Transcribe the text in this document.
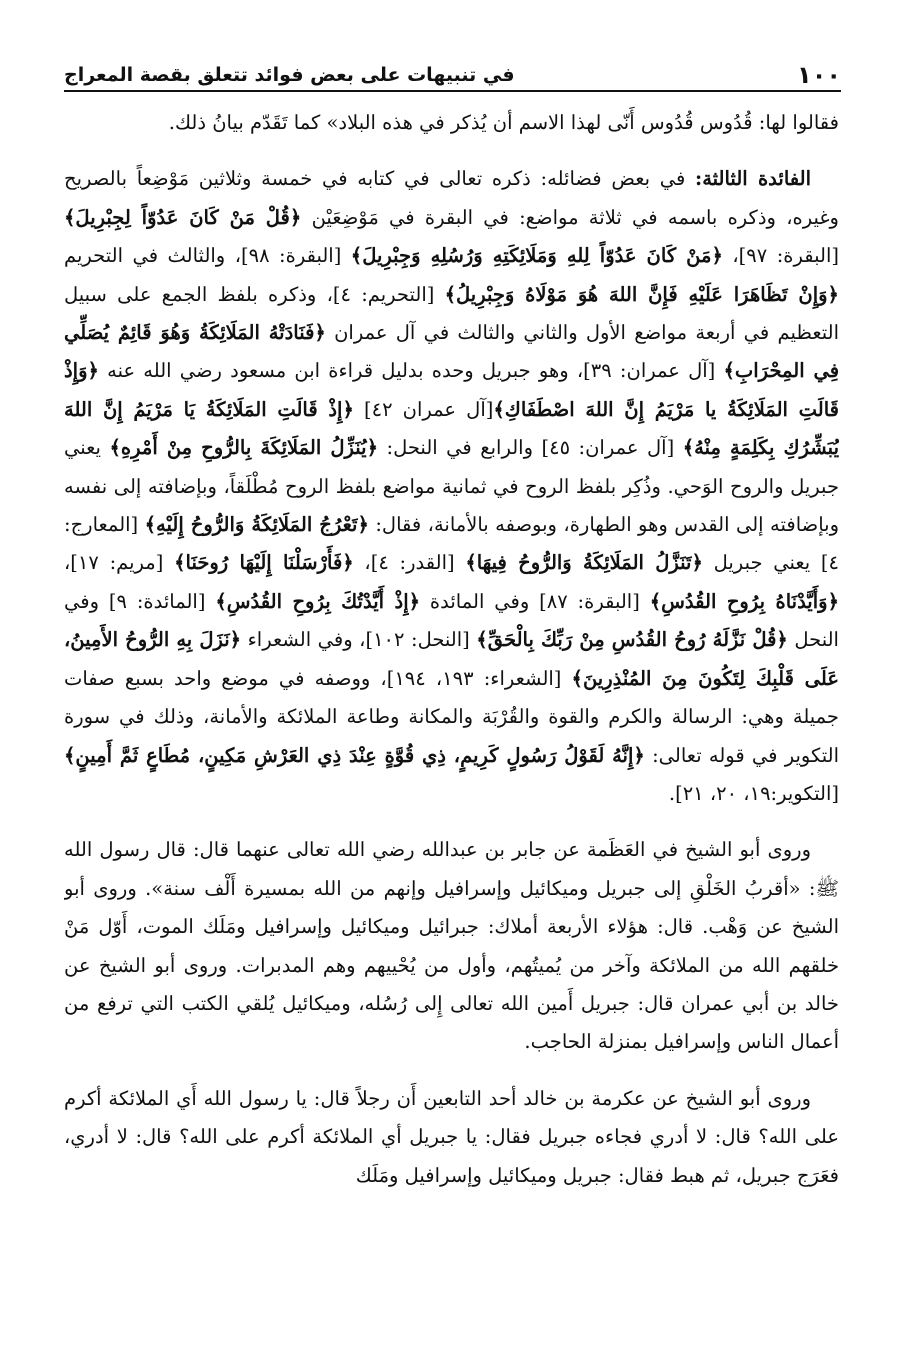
١٠٠
في تنبيهات على بعض فوائد تتعلق بقصة المعراج

فقالوا لها: قُدُوس قُدُوس أَنّى لهذا الاسم أن يُذكر في هذه البلاد» كما تَقَدّم بيانُ ذلك.

الفائدة الثالثة: في بعض فضائله: ذكره تعالى في كتابه في خمسة وثلاثين مَوْضِعاً بالصريح وغيره، وذكره باسمه في ثلاثة مواضع: في البقرة في مَوْضِعَيْن ﴿قُلْ مَنْ كَانَ عَدُوّاً لِجِبْرِيلَ﴾ [البقرة: ٩٧]، ﴿مَنْ كَانَ عَدُوّاً لِلهِ وَمَلَائِكَتِهِ وَرُسُلِهِ وَجِبْرِيلَ﴾ [البقرة: ٩٨]، والثالث في التحريم ﴿وَإِنْ تَظَاهَرَا عَلَيْهِ فَإِنَّ اللهَ هُوَ مَوْلَاهُ وَجِبْرِيلُ﴾ [التحريم: ٤]، وذكره بلفظ الجمع على سبيل التعظيم في أربعة مواضع الأول والثاني والثالث في آل عمران ﴿فَنَادَتْهُ المَلَائِكَةُ وَهُوَ قَائِمٌ يُصَلِّي فِي المِحْرَابِ﴾ [آل عمران: ٣٩]، وهو جبريل وحده بدليل قراءة ابن مسعود رضي الله عنه ﴿وَإِذْ قَالَتِ المَلَائِكَةُ يا مَرْيَمُ إِنَّ اللهَ اصْطَفَاكِ﴾[آل عمران ٤٢] ﴿إِذْ قَالَتِ المَلَائِكَةُ يَا مَرْيَمُ إِنَّ اللهَ يُبَشِّرُكِ بِكَلِمَةٍ مِنْهُ﴾ [آل عمران: ٤٥] والرابع في النحل: ﴿يُنَزِّلُ المَلَائِكَةَ بِالرُّوحِ مِنْ أَمْرِهِ﴾ يعني جبريل والروح الوَحي. وذُكِر بلفظ الروح في ثمانية مواضع بلفظ الروح مُطْلَقاً، وبإضافته إلى نفسه وبإضافته إلى القدس وهو الطهارة، وبوصفه بالأمانة، فقال: ﴿تَعْرُجُ المَلَائِكَةُ وَالرُّوحُ إِلَيْهِ﴾ [المعارج: ٤] يعني جبريل ﴿تَنَزَّلُ المَلَائِكَةُ وَالرُّوحُ فِيهَا﴾ [القدر: ٤]، ﴿فَأَرْسَلْنَا إِلَيْهَا رُوحَنَا﴾ [مريم: ١٧]، ﴿وَأَيَّدْنَاهُ بِرُوحِ القُدُسِ﴾ [البقرة: ٨٧] وفي المائدة ﴿إِذْ أَيَّدْتُكَ بِرُوحِ القُدُسِ﴾ [المائدة: ٩] وفي النحل ﴿قُلْ نَزَّلَهُ رُوحُ القُدُسِ مِنْ رَبِّكَ بِالْحَقِّ﴾ [النحل: ١٠٢]، وفي الشعراء ﴿نَزَلَ بِهِ الرُّوحُ الأَمِينُ، عَلَى قَلْبِكَ لِتَكُونَ مِنَ المُنْذِرِينَ﴾ [الشعراء: ١٩٣، ١٩٤]، ووصفه في موضع واحد بسبع صفات جميلة وهي: الرسالة والكرم والقوة والقُرْبَة والمكانة وطاعة الملائكة والأمانة، وذلك في سورة التكوير في قوله تعالى: ﴿إِنَّهُ لَقَوْلُ رَسُولٍ كَرِيمٍ، ذِي قُوَّةٍ عِنْدَ ذِي العَرْشِ مَكِينٍ، مُطَاعٍ ثَمَّ أَمِينٍ﴾[التكوير:١٩، ٢٠، ٢١].

وروى أبو الشيخ في العَظَمة عن جابر بن عبدالله رضي الله تعالى عنهما قال: قال رسول الله ﷺ: «أقربُ الخَلْقِ إلى جبريل وميكائيل وإسرافيل وإنهم من الله بمسيرة أَلْف سنة». وروى أبو الشيخ عن وَهْب. قال: هؤلاء الأربعة أملاك: جبرائيل وميكائيل وإسرافيل ومَلَك الموت، أَوّل مَنْ خلقهم الله من الملائكة وآخر من يُميتُهم، وأول من يُحْييهم وهم المدبرات. وروى أبو الشيخ عن خالد بن أبي عمران قال: جبريل أَمين الله تعالى إِلى رُسُله، وميكائيل يُلقي الكتب التي ترفع من أعمال الناس وإسرافيل بمنزلة الحاجب.

وروى أبو الشيخ عن عكرمة بن خالد أحد التابعين أَن رجلاً قال: يا رسول الله أَي الملائكة أكرم على الله؟ قال: لا أدري فجاءه جبريل فقال: يا جبريل أي الملائكة أكرم على الله؟ قال: لا أدري، فعَرَج جبريل، ثم هبط فقال: جبريل وميكائيل وإسرافيل ومَلَك
